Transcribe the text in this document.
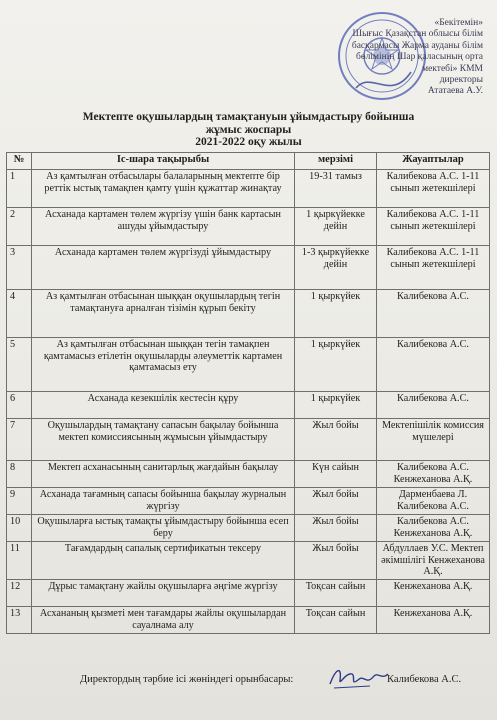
«Бекітемін»
Шығыс Қазақстан облысы білім
басқармасы Жарма ауданы білім
бөлімінің Шар қаласының орта
мектебі» КММ
директоры
Ататаева А.У.
Мектепте оқушылардың тамақтануын ұйымдастыру бойынша
жұмыс жоспары
2021-2022 оқу жылы
№	Іс-шара тақырыбы	мерзімі	Жауаптылар
1	Аз қамтылған отбасылары балаларының мектепте бір реттік ыстық тамақпен қамту үшін құжаттар жинақтау	19-31 тамыз	Калибекова А.С. 1-11 сынып жетекшілері
2	Асханада картамен төлем жүргізу үшін банк картасын ашуды ұйымдастыру	1 қыркүйекке дейін	Калибекова А.С. 1-11 сынып жетекшілері
3	Асханада картамен төлем жүргізуді ұйымдастыру	1-3 қыркүйекке дейін	Калибекова А.С. 1-11 сынып жетекшілері
4	Аз қамтылған отбасынан шыққан оқушылардың тегін тамақтануға арналған тізімін құрып бекіту	1 қыркүйек	Калибекова А.С.
5	Аз қамтылған отбасынан шыққан тегін тамақпен қамтамасыз етілетін оқушыларды әлеуметтік картамен қамтамасыз ету	1 қыркүйек	Калибекова А.С.
6	Асханада кезекшілік кестесін құру	1 қыркүйек	Калибекова А.С.
7	Оқушылардың тамақтану сапасын бақылау бойынша мектеп комиссиясының жұмысын ұйымдастыру	Жыл бойы	Мектепішілік комиссия мүшелері
8	Мектеп асханасының санитарлық жағдайын бақылау	Күн сайын	Калибекова А.С. Кенжеханова А.Қ.
9	Асханада тағамның сапасы бойынша бақылау журналын жүргізу	Жыл бойы	Дарменбаева Л. Калибекова А.С.
10	Оқушыларға ыстық тамақты ұйымдастыру бойынша есеп беру	Жыл бойы	Калибекова А.С. Кенжеханова А.Қ.
11	Тағамдардың сапалық сертификатын тексеру	Жыл бойы	Абдуллаев У.С. Мектеп әкімшілігі Кенжеханова А.Қ.
12	Дұрыс тамақтану жайлы оқушыларға әңгіме жүргізу	Тоқсан сайын	Кенжеханова А.Қ.
13	Асхананың қызметі мен тағамдары жайлы оқушылардан сауалнама алу	Тоқсан сайын	Кенжеханова А.Қ.
Директордың тәрбие ісі жөніндегі орынбасары:	Калибекова А.С.
